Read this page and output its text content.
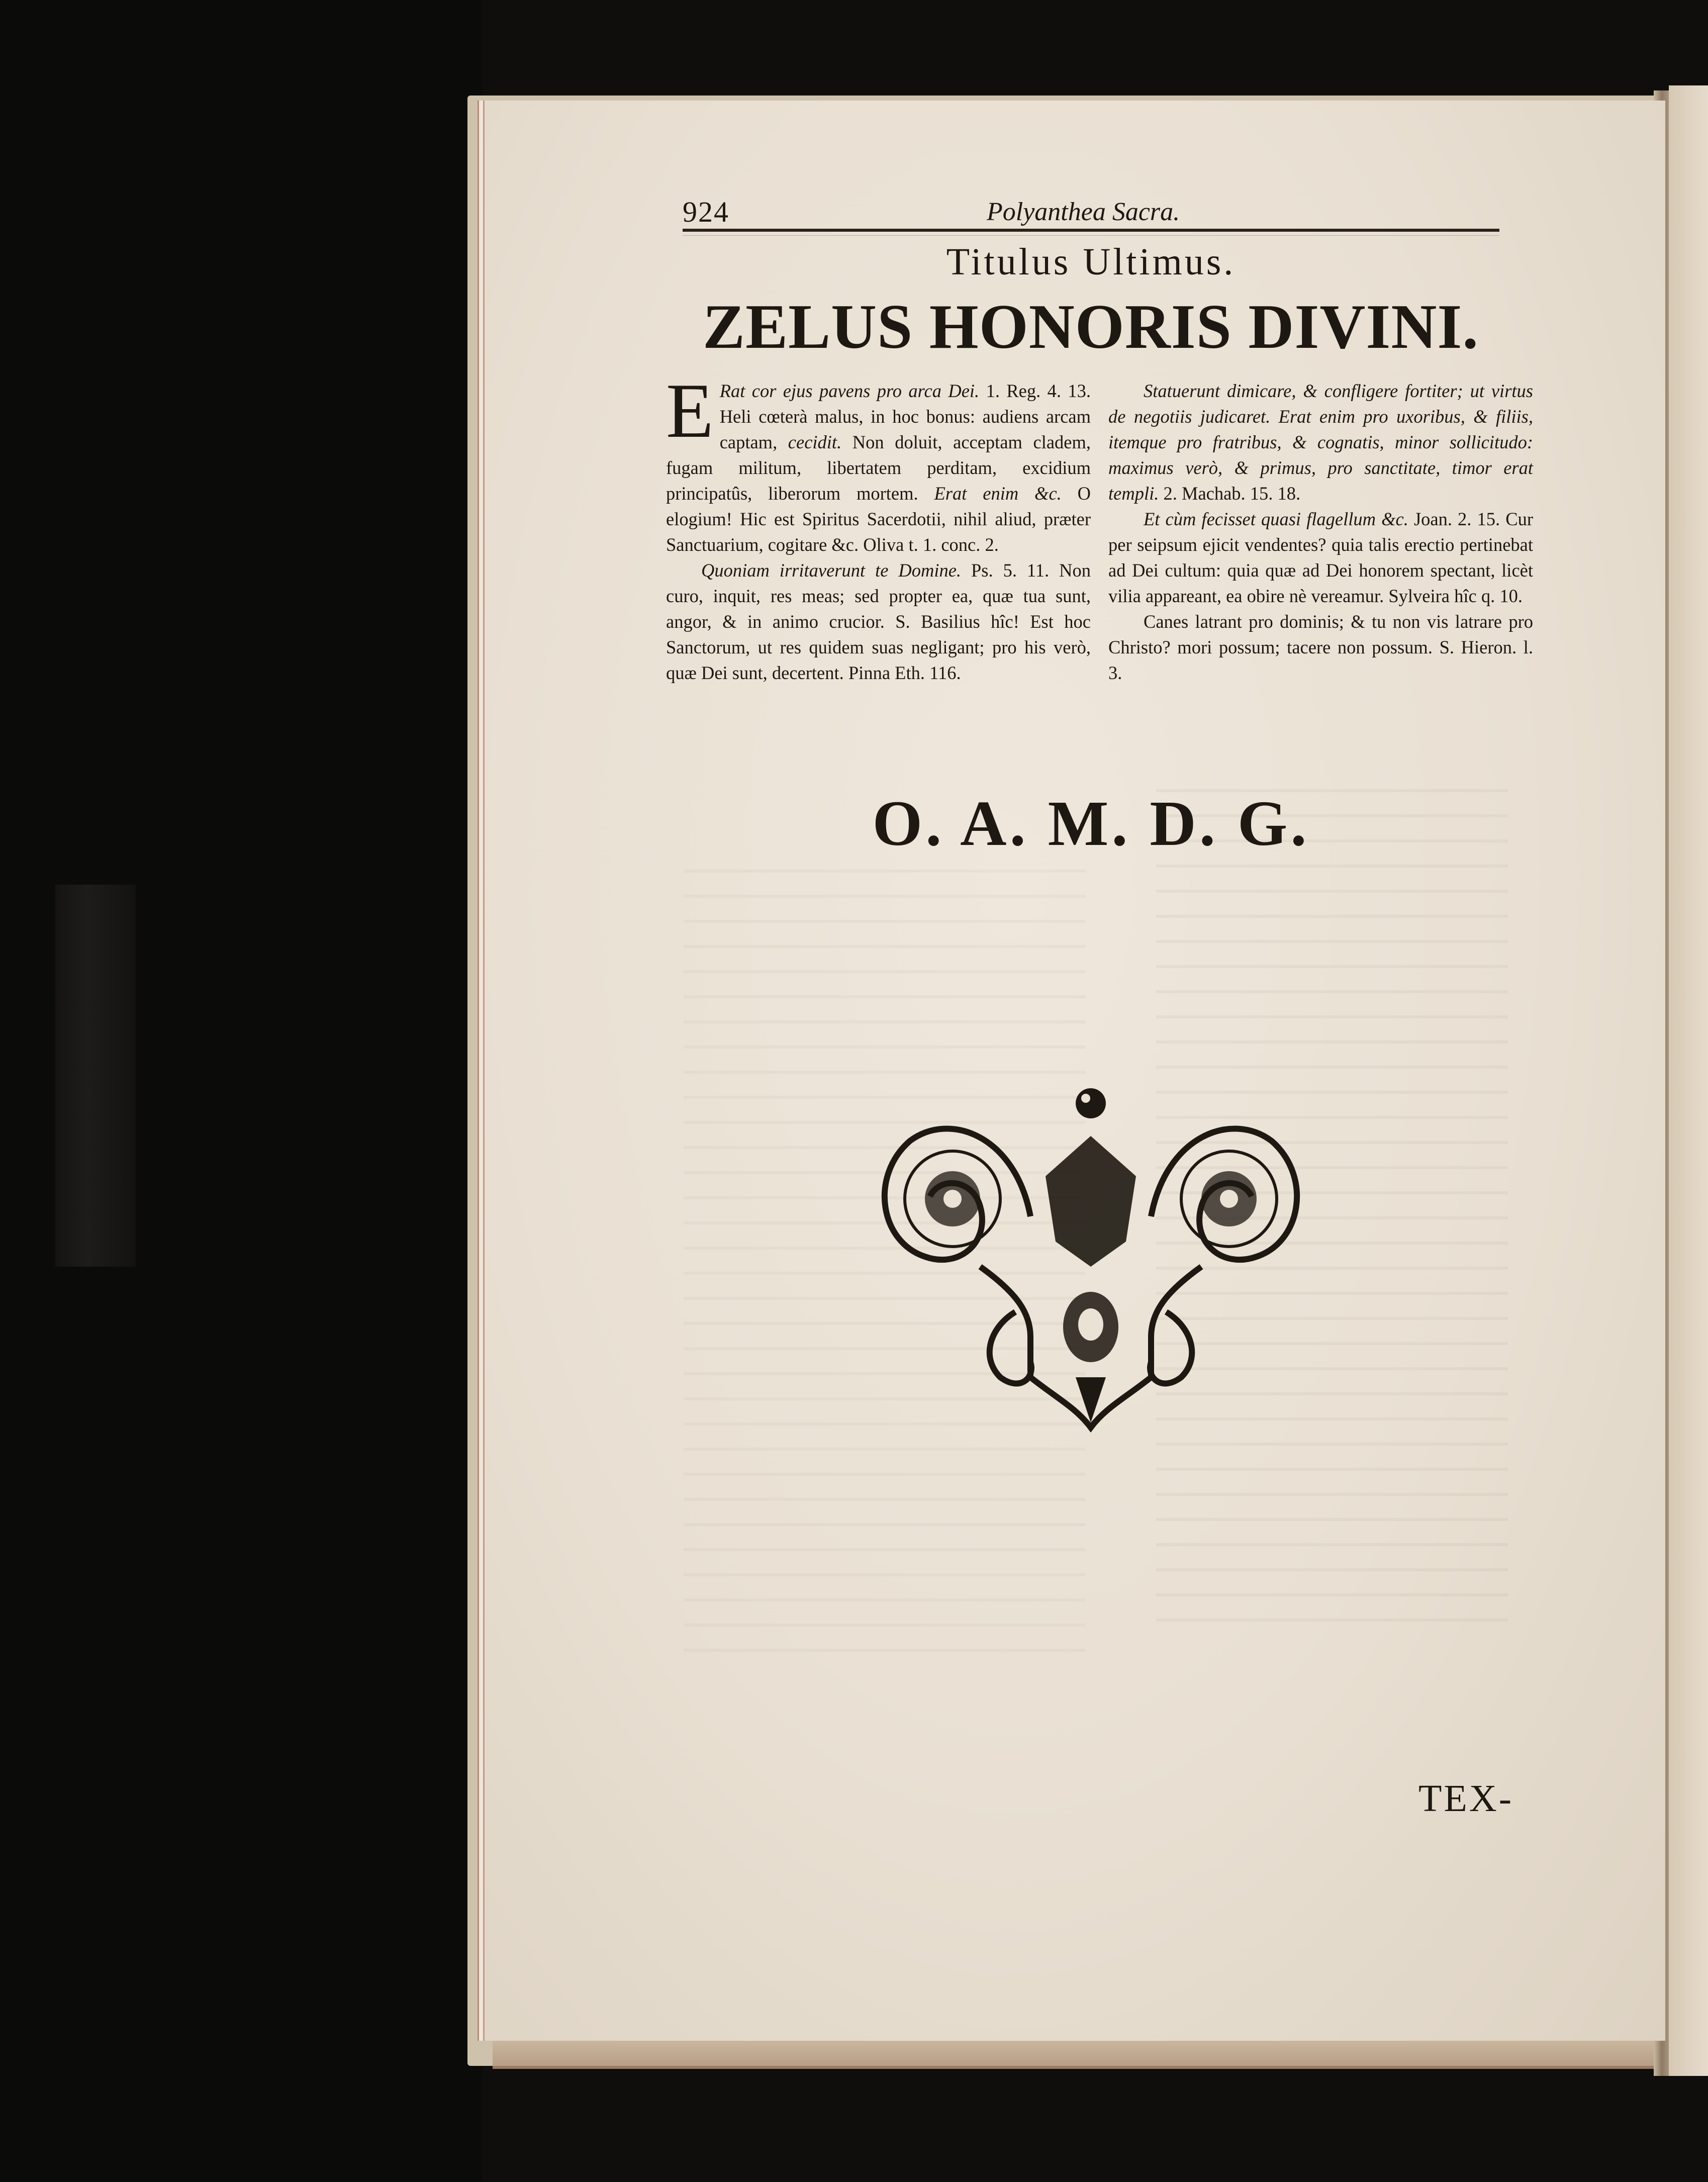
924	Polyanthea Sacra.
Titulus Ultimus.
ZELUS HONORIS DIVINI.

E Rat cor ejus pavens pro arca Dei. 1. Reg. 4. 13. Heli cœterà malus, in hoc bonus: audiens arcam captam, cecidit. Non doluit, acceptam cladem, fugam militum, libertatem perditam, excidium principatûs, liberorum mortem. Erat enim &c. O elogium! Hic est Spiritus Sacerdotii, nihil aliud, præter Sanctuarium, cogitare &c. Oliva t. 1. conc. 2.

Quoniam irritaverunt te Domine. Ps. 5. 11. Non curo, inquit, res meas; sed propter ea, quæ tua sunt, angor, & in animo crucior. S. Basilius hîc! Est hoc Sanctorum, ut res quidem suas negligant; pro his verò, quæ Dei sunt, decertent. Pinna Eth. 116.

Statuerunt dimicare, & confligere fortiter; ut virtus de negotiis judicaret. Erat enim pro uxoribus, & filiis, itemque pro fratribus, & cognatis, minor sollicitudo: maximus verò, & primus, pro sanctitate, timor erat templi. 2. Machab. 15. 18.

Et cùm fecisset quasi flagellum &c. Joan. 2. 15. Cur per seipsum ejicit vendentes? quia talis erectio pertinebat ad Dei cultum: quia quæ ad Dei honorem spectant, licèt vilia appareant, ea obire nè vereamur. Sylveira hîc q. 10.

Canes latrant pro dominis; & tu non vis latrare pro Christo? mori possum; tacere non possum. S. Hieron. l. 3.

O. A. M. D. G.
TEX-
